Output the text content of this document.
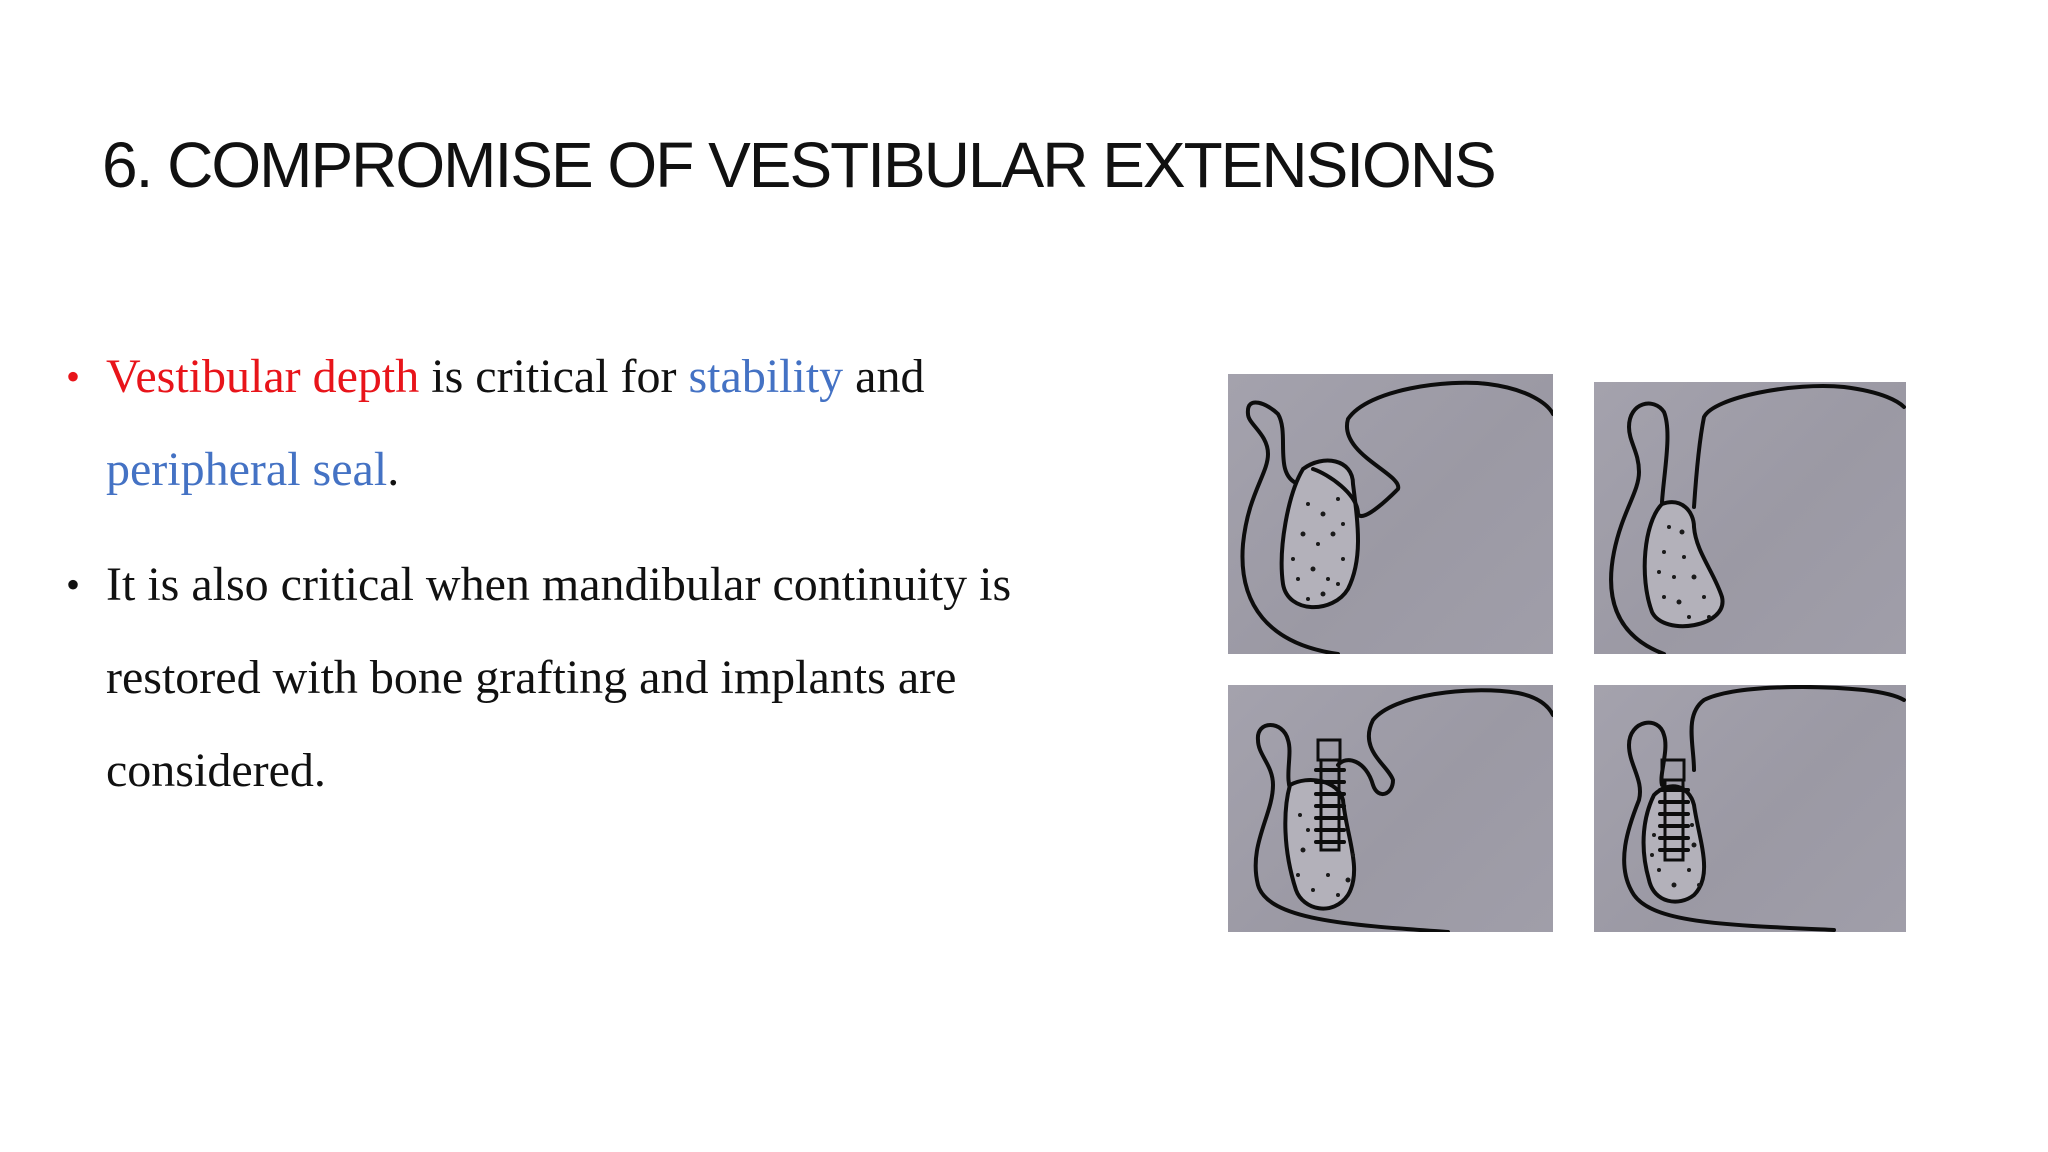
6. COMPROMISE OF VESTIBULAR EXTENSIONS
• Vestibular depth is critical for stability and
peripheral seal.
• It is also critical when mandibular continuity is restored with bone grafting and implants are considered.
